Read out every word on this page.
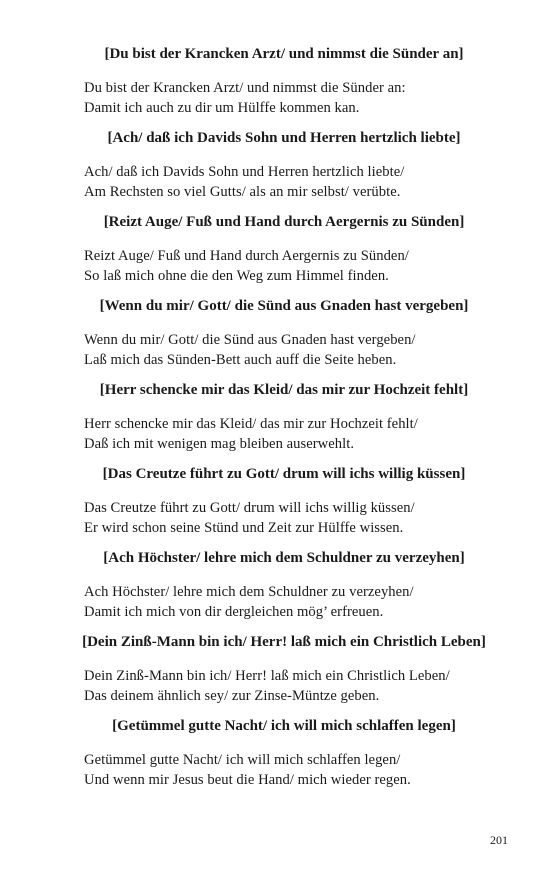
[Du bist der Krancken Arzt/ und nimmst die Sünder an]
Du bist der Krancken Arzt/ und nimmst die Sünder an:
Damit ich auch zu dir um Hülffe kommen kan.
[Ach/ daß ich Davids Sohn und Herren hertzlich liebte]
Ach/ daß ich Davids Sohn und Herren hertzlich liebte/
Am Rechsten so viel Gutts/ als an mir selbst/ verübte.
[Reizt Auge/ Fuß und Hand durch Aergernis zu Sünden]
Reizt Auge/ Fuß und Hand durch Aergernis zu Sünden/
So laß mich ohne die den Weg zum Himmel finden.
[Wenn du mir/ Gott/ die Sünd aus Gnaden hast vergeben]
Wenn du mir/ Gott/ die Sünd aus Gnaden hast vergeben/
Laß mich das Sünden-Bett auch auff die Seite heben.
[Herr schencke mir das Kleid/ das mir zur Hochzeit fehlt]
Herr schencke mir das Kleid/ das mir zur Hochzeit fehlt/
Daß ich mit wenigen mag bleiben auserwehlt.
[Das Creutze führt zu Gott/ drum will ichs willig küssen]
Das Creutze führt zu Gott/ drum will ichs willig küssen/
Er wird schon seine Stünd und Zeit zur Hülffe wissen.
[Ach Höchster/ lehre mich dem Schuldner zu verzeyhen]
Ach Höchster/ lehre mich dem Schuldner zu verzeyhen/
Damit ich mich von dir dergleichen mög’ erfreuen.
[Dein Zinß-Mann bin ich/ Herr! laß mich ein Christlich Leben]
Dein Zinß-Mann bin ich/ Herr! laß mich ein Christlich Leben/
Das deinem ähnlich sey/ zur Zinse-Müntze geben.
[Getümmel gutte Nacht/ ich will mich schlaffen legen]
Getümmel gutte Nacht/ ich will mich schlaffen legen/
Und wenn mir Jesus beut die Hand/ mich wieder regen.
201
